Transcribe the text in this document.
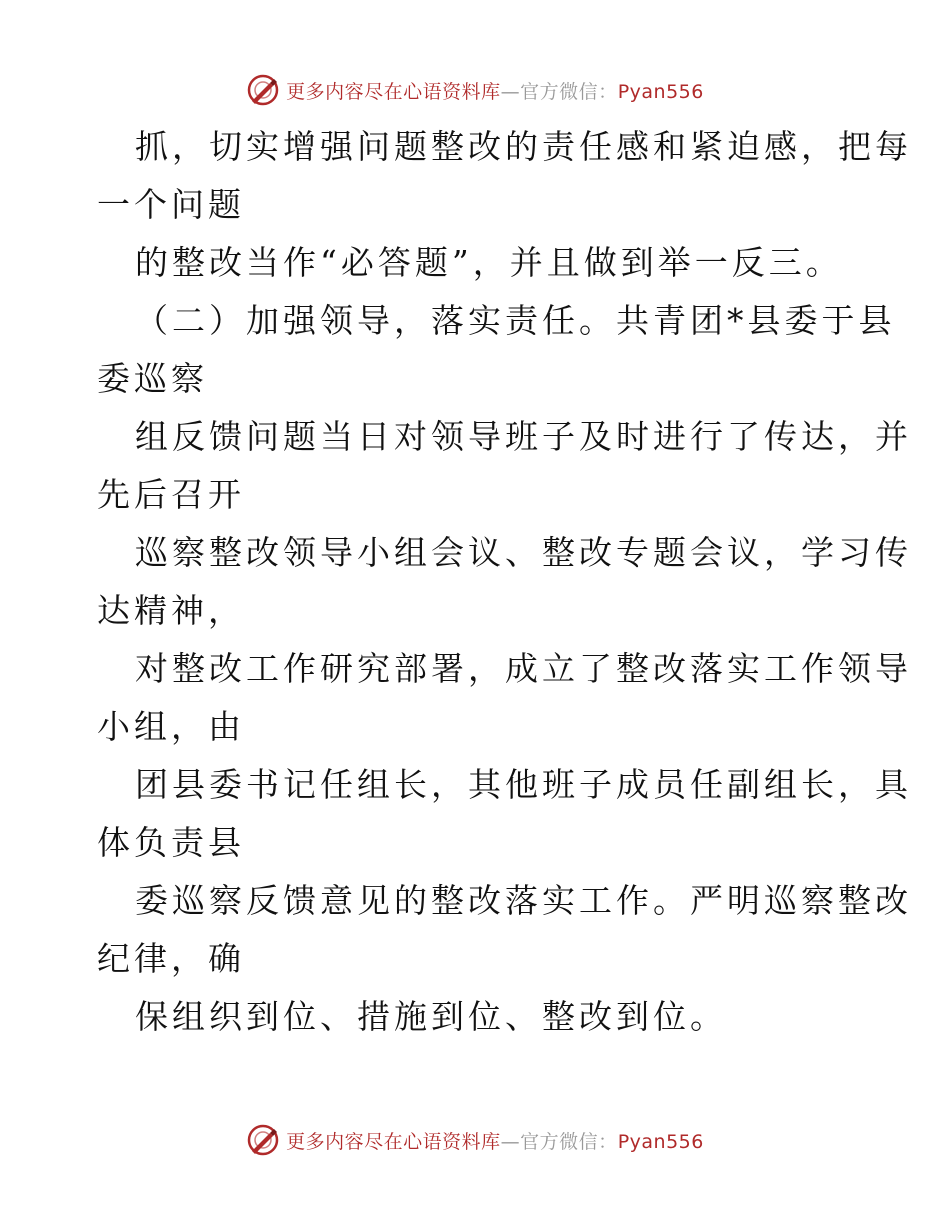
更多内容尽在心语资料库—官方微信：Pyan556
抓，切实增强问题整改的责任感和紧迫感，把每
一个问题
的整改当作“必答题”，并且做到举一反三。
（二）加强领导，落实责任。共青团*县委于县
委巡察
组反馈问题当日对领导班子及时进行了传达，并
先后召开
巡察整改领导小组会议、整改专题会议，学习传
达精神，
对整改工作研究部署，成立了整改落实工作领导
小组，由
团县委书记任组长，其他班子成员任副组长，具
体负责县
委巡察反馈意见的整改落实工作。严明巡察整改
纪律，确
保组织到位、措施到位、整改到位。
更多内容尽在心语资料库—官方微信：Pyan556
